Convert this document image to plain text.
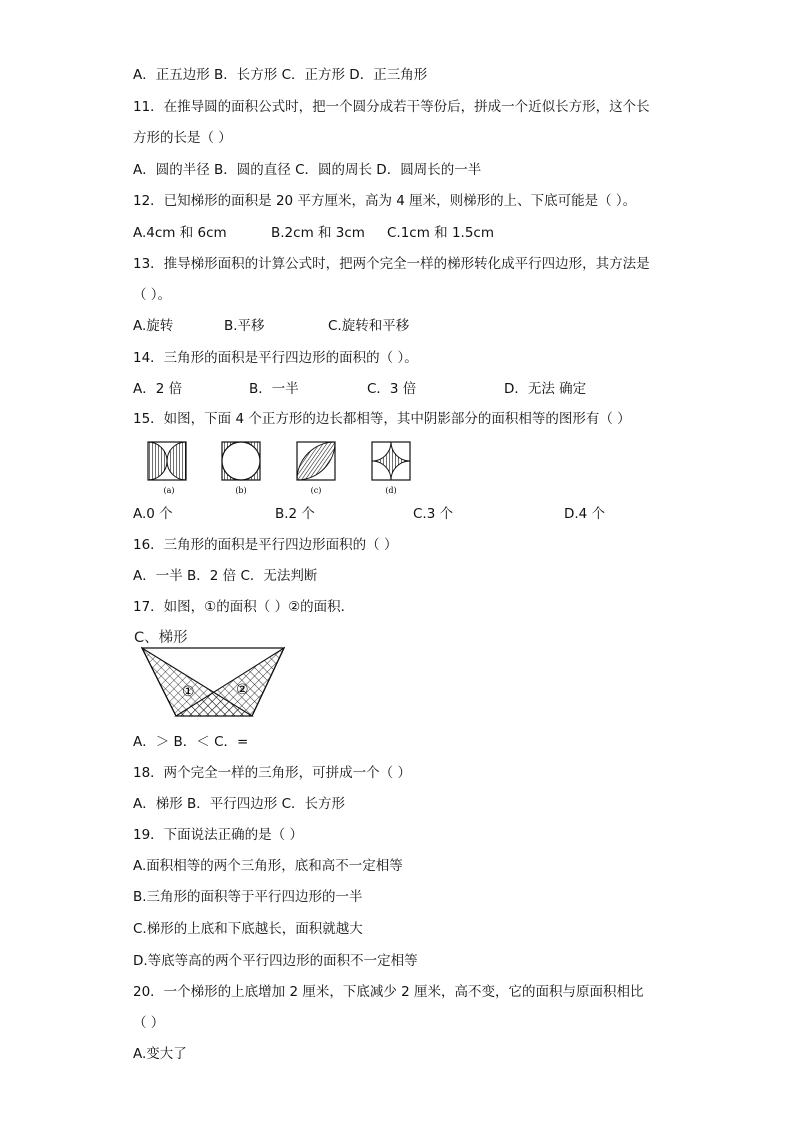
A．正五边形 B．长方形 C．正方形 D．正三角形
11．在推导圆的面积公式时，把一个圆分成若干等份后，拼成一个近似长方形，这个长
方形的长是（ ）
A．圆的半径 B．圆的直径 C．圆的周长 D．圆周长的一半
12．已知梯形的面积是 20 平方厘米，高为 4 厘米，则梯形的上、下底可能是（ ）。
A.4cm 和 6cm	B.2cm 和 3cm C.1cm 和 1.5cm
13．推导梯形面积的计算公式时，把两个完全一样的梯形转化成平行四边形，其方法是
（ ）。
A.旋转	B.平移	C.旋转和平移
14．三角形的面积是平行四边形的面积的（ ）。
A．2 倍	B．一半	C．3 倍	D．无法 确定
15．如图，下面 4 个正方形的边长都相等，其中阴影部分的面积相等的图形有（ ）
(a)	(b)	(c)	(d)
A.0 个	B.2 个	C.3 个	D.4 个
16．三角形的面积是平行四边形面积的（ ）
A．一半 B．2 倍 C．无法判断
17．如图，①的面积（ ）②的面积．
C、梯形
①	②
A．＞ B．＜ C．=
18．两个完全一样的三角形，可拼成一个（ ）
A．梯形 B．平行四边形 C．长方形
19．下面说法正确的是（ ）
A.面积相等的两个三角形，底和高不一定相等
B.三角形的面积等于平行四边形的一半
C.梯形的上底和下底越长，面积就越大
D.等底等高的两个平行四边形的面积不一定相等
20．一个梯形的上底增加 2 厘米，下底减少 2 厘米，高不变，它的面积与原面积相比
（ ）
A.变大了
